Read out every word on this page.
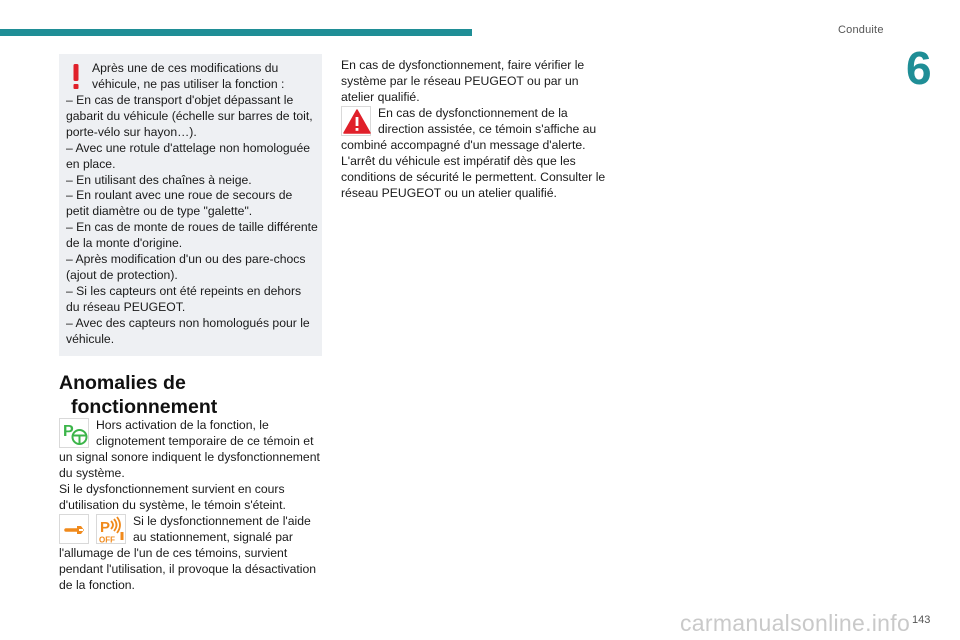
Conduite
6
Après une de ces modifications du véhicule, ne pas utiliser la fonction :
– En cas de transport d'objet dépassant le gabarit du véhicule (échelle sur barres de toit, porte-vélo sur hayon…).
– Avec une rotule d'attelage non homologuée en place.
– En utilisant des chaînes à neige.
– En roulant avec une roue de secours de petit diamètre ou de type "galette".
– En cas de monte de roues de taille différente de la monte d'origine.
– Après modification d'un ou des pare-chocs (ajout de protection).
– Si les capteurs ont été repeints en dehors du réseau PEUGEOT.
– Avec des capteurs non homologués pour le véhicule.
Anomalies de
fonctionnement
P Hors activation de la fonction, le clignotement temporaire de ce témoin et
un signal sonore indiquent le dysfonctionnement du système.
Si le dysfonctionnement survient en cours d'utilisation du système, le témoin s'éteint.
P
OFF
Si le dysfonctionnement de l'aide au stationnement, signalé par
l'allumage de l'un de ces témoins, survient pendant l'utilisation, il provoque la désactivation de la fonction.
En cas de dysfonctionnement, faire vérifier le système par le réseau PEUGEOT ou par un atelier qualifié.
En cas de dysfonctionnement de la direction assistée, ce témoin s'affiche au
combiné accompagné d'un message d'alerte. L'arrêt du véhicule est impératif dès que les conditions de sécurité le permettent. Consulter le réseau PEUGEOT ou un atelier qualifié.
carmanualsonline.info 143
